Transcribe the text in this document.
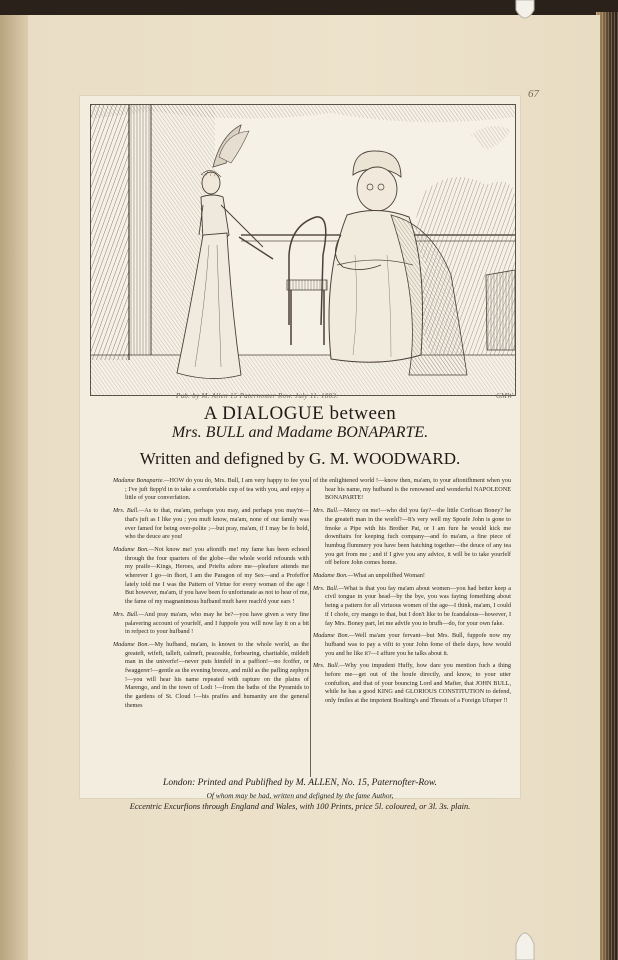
67
Pub. by M. Allen 15 Paternoster Row. July 11. 1803.	GMW
A DIALOGUE between
Mrs. BULL and Madame BONAPARTE.
Written and defigned by G. M. WOODWARD.

Madame Bonaparte.—HOW do you do, Mrs. Bull, I am very happy to fee you ; I've juft ftepp'd in to take a comfortable cup of tea with you, and enjoy a little of your converfation.

Mrs. Bull.—As to that, ma'am, perhaps you may, and perhaps you may'nt—that's juft as I like you ; you muft know, ma'am, none of our family was ever famed for being over-polite ;—but pray, ma'am, if I may be fo bold, who the deuce are you!

Madame Bon.—Not know me! you aftonifh me! my fame has been echoed through the four quarters of the globe—the whole world refounds with my praife—Kings, Heroes, and Priefts adore me—pleafure attends me wherever I go—in fhort, I am the Paragon of my Sex—and a Profeffor lately told me I was the Pattern of Virtue for every woman of the age ! But however, ma'am, if you have been fo unfortunate as not to hear of me, the fame of my magnanimous hufband muft have reach'd your ears !

Mrs. Bull.—And pray ma'am, who may he be?—you have given a very fine palavering account of yourfelf, and I fuppofe you will now lay it on a bit in refpect to your hufband !

Madame Bon.—My hufband, ma'am, is known to the whole world, as the greateft, wifeft, talleft, calmeft, peaceable, forbearing, charitable, mildeft man in the univerfe!—never puts himfelf in a paffion!—no fcoffer, or fwaggerer!—gentle as the evening breeze, and mild as the pafling zephyrs !—you will hear his name repeated with rapture on the plains of Marengo, and in the town of Lodi !—from the baths of the Pyramids to the gardens of St. Cloud !—his praifes and humanity are the general themes

of the enlightened world !—know then, ma'am, to your aftonifhment when you hear his name, my hufband is the renowned and wonderful NAPOLEONE BONAPARTE!

Mrs. Bull.—Mercy on me!—who did you fay?—the little Corfican Boney? he the greateft man in the world?—It's very well my Spoufe John is gone to fmoke a Pipe with his Brother Pat, or I am fure he would kick me downftairs for keeping fuch company—and fo ma'am, a fine piece of humbug flummery you have been hatching together—the deuce of any tea you get from me ; and if I give you any advice, it will be to take yourfelf off before John comes home.

Madame Bon.—What an unpolifhed Woman!

Mrs. Bull.—What is that you fay ma'am about women—you had better keep a civil tongue in your head—by the bye, you was faying fomething about being a pattern for all virtuous women of the age—I think, ma'am, I could if I chofe, cry mango to that, but I don't like to be fcandalous—however, I fay Mrs. Boney part, let me advife you to brufh—do, for your own fake.

Madame Bon.—Well ma'am your fervant—but Mrs. Bull, fuppofe now my hufband was to pay a vifit to your John fome of thefe days, how would you and he like it?—I affure you he talks about it.

Mrs. Bull.—Why you impudent Huffy, how dare you mention fuch a thing before me—get out of the houfe directly, and know, to your utter confufion, and that of your bouncing Lord and Mafter, that JOHN BULL, while he has a good KING and GLORIOUS CONSTITUTION to defend, only fmiles at the impotent Boafting's and Threats of a Foreign Ufurper !!

London: Printed and Publifhed by M. ALLEN, No. 15, Paternofter-Row.
Of whom may be had, written and defigned by the fame Author,
Eccentric Excurfions through England and Wales, with 100 Prints, price 5l. coloured, or 3l. 3s. plain.
